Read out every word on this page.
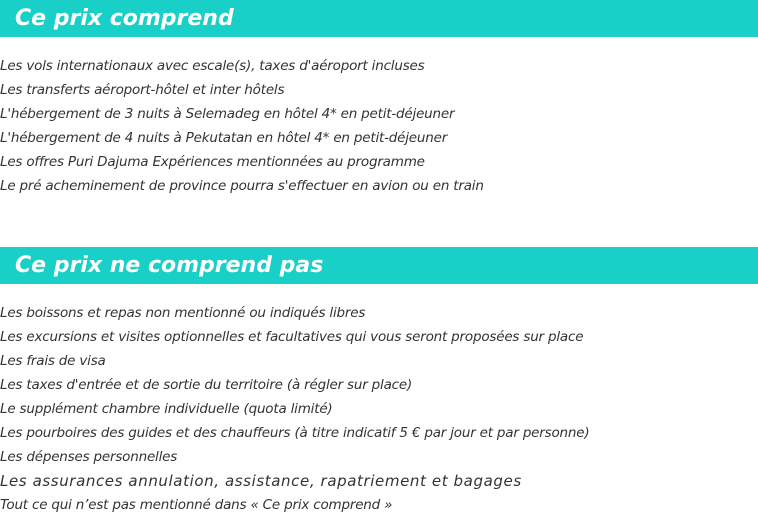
Ce prix comprend
Les vols internationaux avec escale(s), taxes d'aéroport incluses
Les transferts aéroport-hôtel et inter hôtels
L'hébergement de 3 nuits à Selemadeg en hôtel 4* en petit-déjeuner
L'hébergement de 4 nuits à Pekutatan en hôtel 4* en petit-déjeuner
Les offres Puri Dajuma Expériences mentionnées au programme
Le pré acheminement de province pourra s'effectuer en avion ou en train
Ce prix ne comprend pas
Les boissons et repas non mentionné ou indiqués libres
Les excursions et visites optionnelles et facultatives qui vous seront proposées sur place
Les frais de visa
Les taxes d'entrée et de sortie du territoire (à régler sur place)
Le supplément chambre individuelle (quota limité)
Les pourboires des guides et des chauffeurs (à titre indicatif 5 € par jour et par personne)
Les dépenses personnelles
Les assurances annulation, assistance, rapatriement et bagages
Tout ce qui n’est pas mentionné dans « Ce prix comprend »
